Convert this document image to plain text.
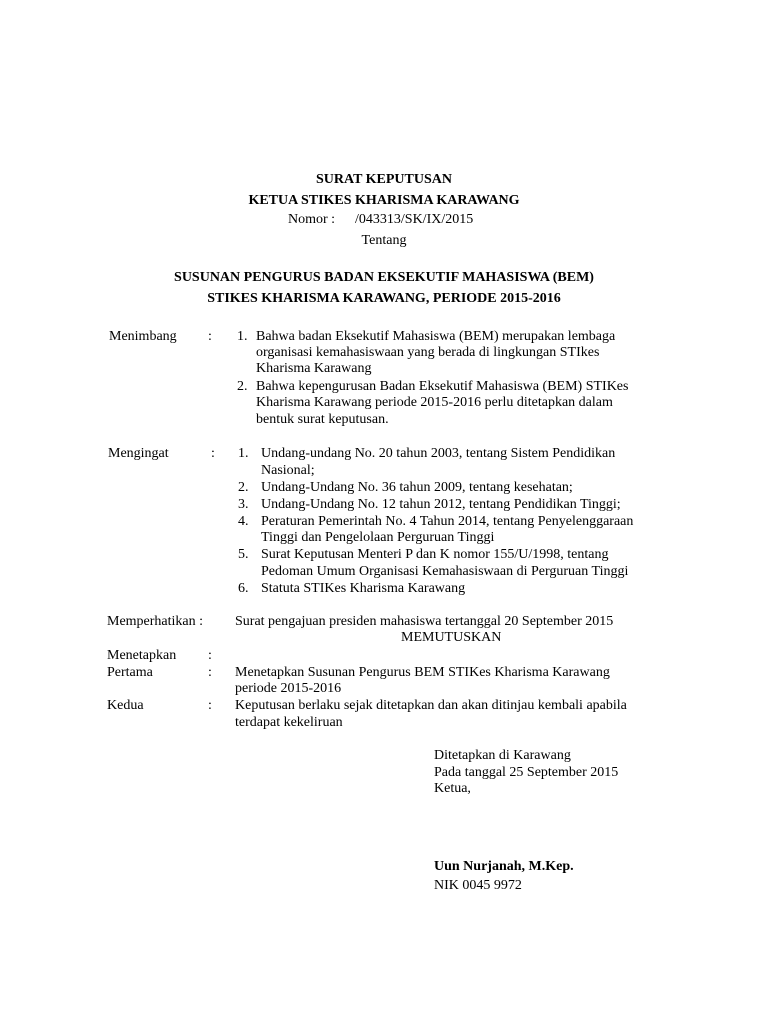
SURAT KEPUTUSAN
KETUA STIKES KHARISMA KARAWANG
Nomor : /043313/SK/IX/2015
Tentang
SUSUNAN PENGURUS BADAN EKSEKUTIF MAHASISWA (BEM)
STIKES KHARISMA KARAWANG, PERIODE 2015-2016
Menimbang : 1. Bahwa badan Eksekutif Mahasiswa (BEM) merupakan lembaga
organisasi kemahasiswaan yang berada di lingkungan STIkes
Kharisma Karawang
2. Bahwa kepengurusan Badan Eksekutif Mahasiswa (BEM) STIKes
Kharisma Karawang periode 2015-2016 perlu ditetapkan dalam
bentuk surat keputusan.
Mengingat	: 1. Undang-undang No. 20 tahun 2003, tentang Sistem Pendidikan
Nasional;
2. Undang-Undang No. 36 tahun 2009, tentang kesehatan;
3. Undang-Undang No. 12 tahun 2012, tentang Pendidikan Tinggi;
4. Peraturan Pemerintah No. 4 Tahun 2014, tentang Penyelenggaraan
Tinggi dan Pengelolaan Perguruan Tinggi
5. Surat Keputusan Menteri P dan K nomor 155/U/1998, tentang
Pedoman Umum Organisasi Kemahasiswaan di Perguruan Tinggi
6. Statuta STIKes Kharisma Karawang
Memperhatikan : Surat pengajuan presiden mahasiswa tertanggal 20 September 2015
MEMUTUSKAN
Menetapkan :
Pertama	: Menetapkan Susunan Pengurus BEM STIKes Kharisma Karawang
periode 2015-2016
Kedua	: Keputusan berlaku sejak ditetapkan dan akan ditinjau kembali apabila
terdapat kekeliruan
Ditetapkan di Karawang
Pada tanggal 25 September 2015
Ketua,
Uun Nurjanah, M.Kep.
NIK 0045 9972
